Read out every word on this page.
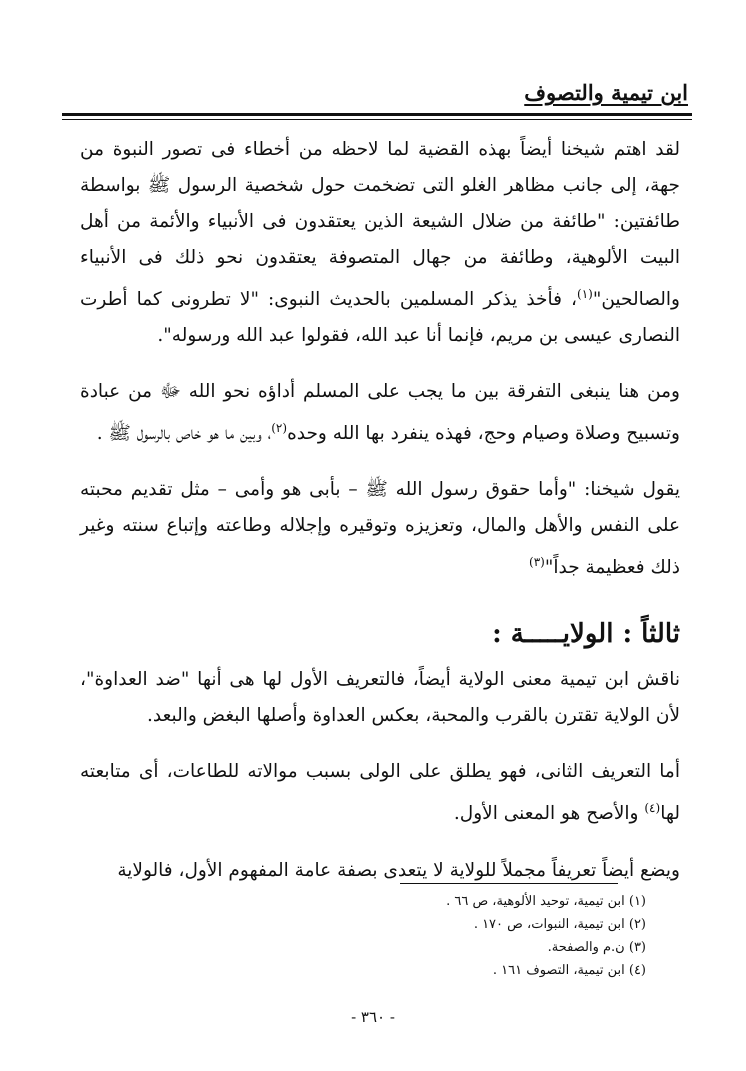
ابن تيمية والتصوف

لقد اهتم شيخنا أيضاً بهذه القضية لما لاحظه من أخطاء فى تصور النبوة من جهة، إلى جانب مظاهر الغلو التى تضخمت حول شخصية الرسول ﷺ بواسطة طائفتين: "طائفة من ضلال الشيعة الذين يعتقدون فى الأنبياء والأئمة من أهل البيت الألوهية، وطائفة من جهال المتصوفة يعتقدون نحو ذلك فى الأنبياء والصالحين"$^{(١)}$، فأخذ يذكر المسلمين بالحديث النبوى: "لا تطرونى كما أطرت النصارى عيسى بن مريم، فإنما أنا عبد الله، فقولوا عبد الله ورسوله".

ومن هنا ينبغى التفرقة بين ما يجب على المسلم أداؤه نحو الله ﷻ من عبادة وتسبيح وصلاة وصيام وحج، فهذه ينفرد بها الله وحده$^{(٢)}$، وبين ما هو خاص بالرسول ﷺ .

يقول شيخنا: "وأما حقوق رسول الله ﷺ – بأبى هو وأمى – مثل تقديم محبته على النفس والأهل والمال، وتعزيزه وتوقيره وإجلاله وطاعته وإتباع سنته وغير ذلك فعظيمة جداً"$^{(٣)}$

ثالثاً : الولايـــــة :

ناقش ابن تيمية معنى الولاية أيضاً، فالتعريف الأول لها هى أنها "ضد العداوة"، لأن الولاية تقترن بالقرب والمحبة، بعكس العداوة وأصلها البغض والبعد.

أما التعريف الثانى، فهو يطلق على الولى بسبب موالاته للطاعات، أى متابعته لها$^{(٤)}$ والأصح هو المعنى الأول.

ويضع أيضاً تعريفاً مجملاً للولاية لا يتعدى بصفة عامة المفهوم الأول، فالولاية

(١) ابن تيمية، توحيد الألوهية، ص ٦٦ .
(٢) ابن تيمية، النبوات، ص ١٧٠ .
(٣) ن.م والصفحة.
(٤) ابن تيمية، التصوف ١٦١ .
- ٣٦٠ -
